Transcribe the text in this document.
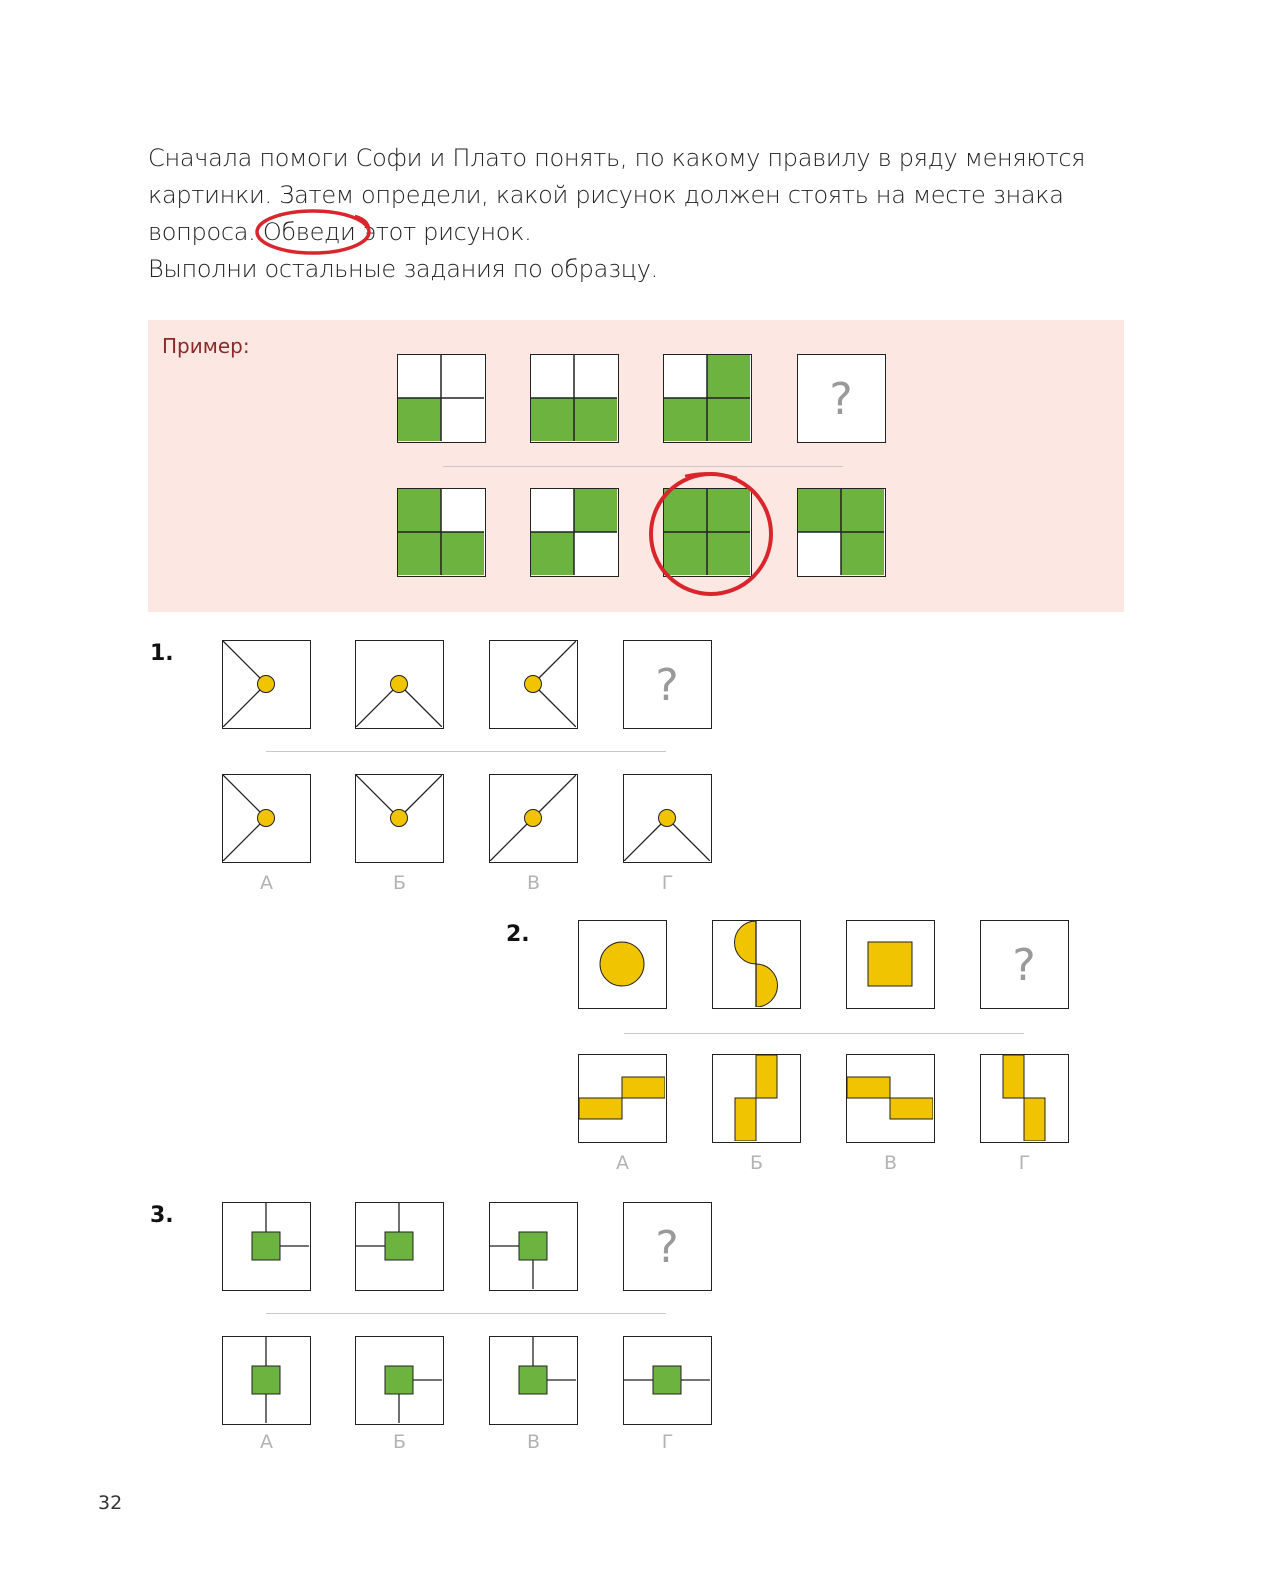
Сначала помоги Софи и Плато понять, по какому правилу в ряду меняются

картинки. Затем определи, какой рисунок должен стоять на месте знака

вопроса.
Обведи этот рисунок.

Выполни остальные задания по образцу.

Пример:
?
1.
?
А	Б	В	Г
2.
?
А	Б	В	Г
3.
?
А	Б	В	Г
32
